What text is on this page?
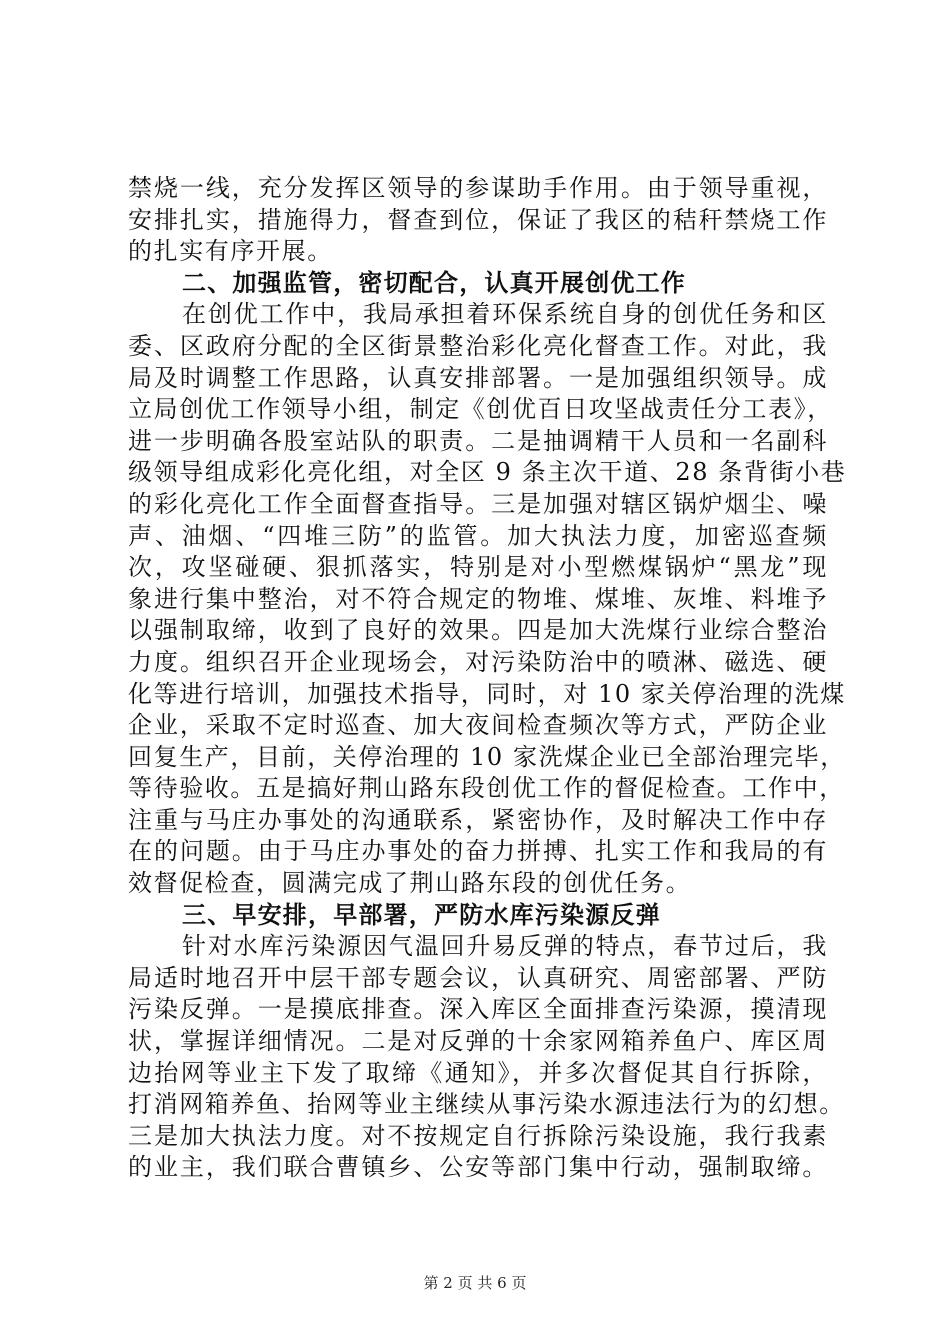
禁烧一线，充分发挥区领导的参谋助手作用。由于领导重视，
安排扎实，措施得力，督查到位，保证了我区的秸秆禁烧工作
的扎实有序开展。
二、加强监管，密切配合，认真开展创优工作
在创优工作中，我局承担着环保系统自身的创优任务和区
委、区政府分配的全区街景整治彩化亮化督查工作。对此，我
局及时调整工作思路，认真安排部署。一是加强组织领导。成
立局创优工作领导小组，制定《创优百日攻坚战责任分工表》，
进一步明确各股室站队的职责。二是抽调精干人员和一名副科
级领导组成彩化亮化组，对全区 9 条主次干道、28 条背街小巷
的彩化亮化工作全面督查指导。三是加强对辖区锅炉烟尘、噪
声、油烟、“四堆三防”的监管。加大执法力度，加密巡查频
次，攻坚碰硬、狠抓落实，特别是对小型燃煤锅炉“黑龙”现
象进行集中整治，对不符合规定的物堆、煤堆、灰堆、料堆予
以强制取缔，收到了良好的效果。四是加大洗煤行业综合整治
力度。组织召开企业现场会，对污染防治中的喷淋、磁选、硬
化等进行培训，加强技术指导，同时，对 10 家关停治理的洗煤
企业，采取不定时巡查、加大夜间检查频次等方式，严防企业
回复生产，目前，关停治理的 10 家洗煤企业已全部治理完毕，
等待验收。五是搞好荆山路东段创优工作的督促检查。工作中，
注重与马庄办事处的沟通联系，紧密协作，及时解决工作中存
在的问题。由于马庄办事处的奋力拼搏、扎实工作和我局的有
效督促检查，圆满完成了荆山路东段的创优任务。
三、早安排，早部署，严防水库污染源反弹
针对水库污染源因气温回升易反弹的特点，春节过后，我
局适时地召开中层干部专题会议，认真研究、周密部署、严防
污染反弹。一是摸底排查。深入库区全面排查污染源，摸清现
状，掌握详细情况。二是对反弹的十余家网箱养鱼户、库区周
边抬网等业主下发了取缔《通知》，并多次督促其自行拆除，
打消网箱养鱼、抬网等业主继续从事污染水源违法行为的幻想。
三是加大执法力度。对不按规定自行拆除污染设施，我行我素
的业主，我们联合曹镇乡、公安等部门集中行动，强制取缔。
第 2 页 共 6 页
